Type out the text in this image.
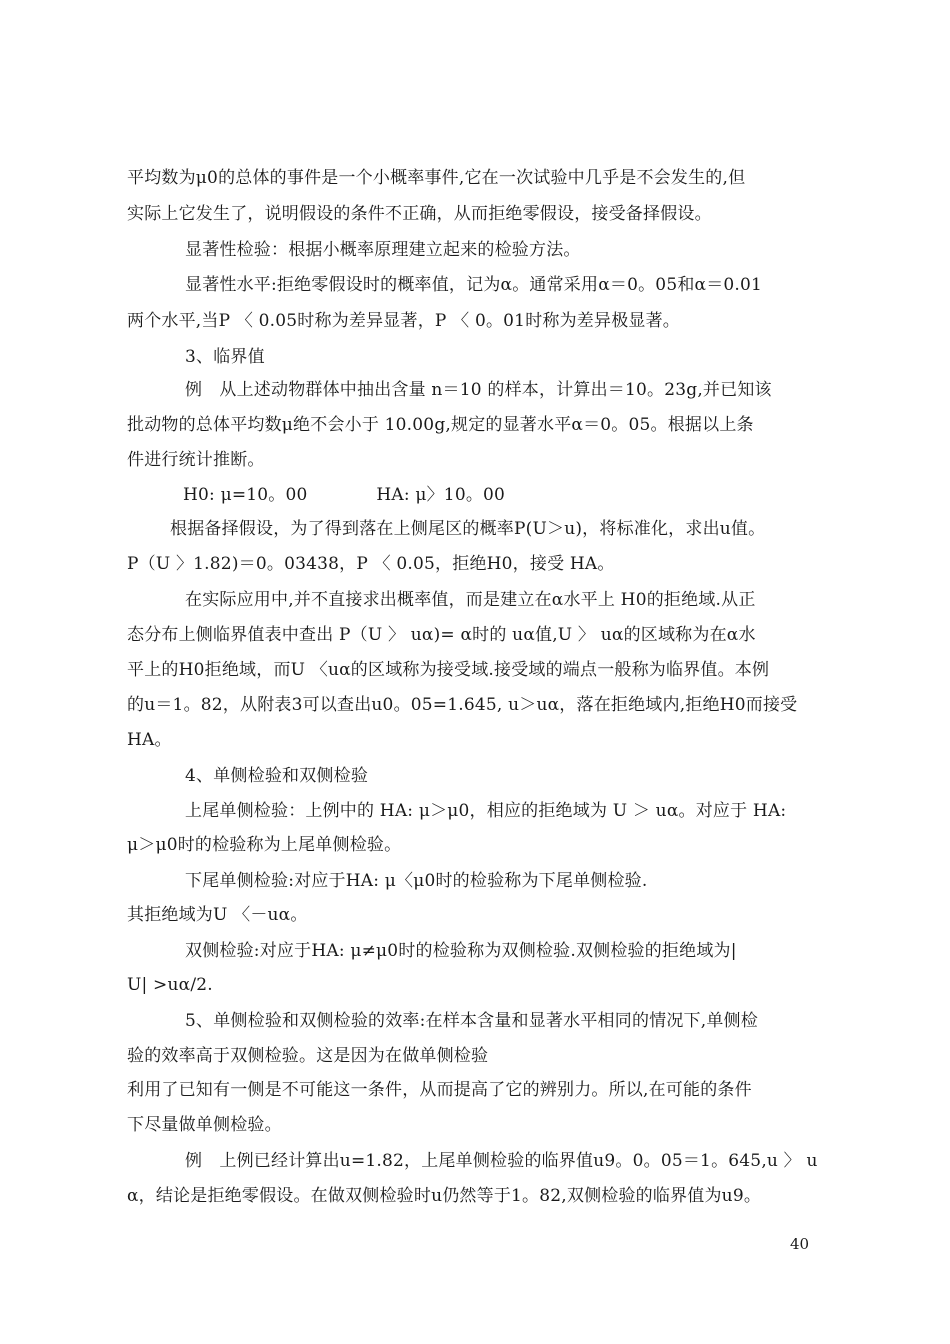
平均数为μ0的总体的事件是一个小概率事件,它在一次试验中几乎是不会发生的,但
实际上它发生了，说明假设的条件不正确，从而拒绝零假设，接受备择假设。
显著性检验：根据小概率原理建立起来的检验方法。
显著性水平:拒绝零假设时的概率值，记为α。通常采用α＝0。05和α＝0.01
两个水平,当P 〈 0.05时称为差异显著，P 〈 0。01时称为差异极显著。
3、临界值
例　从上述动物群体中抽出含量 n＝10 的样本，计算出＝10。23g,并已知该
批动物的总体平均数μ绝不会小于 10.00g,规定的显著水平α＝0。05。根据以上条
件进行统计推断。
H0: μ=10。00　　　　HA: μ〉10。00
根据备择假设，为了得到落在上侧尾区的概率P(U＞u)，将标准化，求出u值。
P（U 〉1.82)＝0。03438，P 〈 0.05，拒绝H0，接受 HA。
在实际应用中,并不直接求出概率值，而是建立在α水平上 H0的拒绝域.从正
态分布上侧临界值表中查出 P（U 〉 uα)= α时的 uα值,U 〉 uα的区域称为在α水
平上的H0拒绝域，而U 〈uα的区域称为接受域.接受域的端点一般称为临界值。本例
的u＝1。82，从附表3可以查出u0。05=1.645, u＞uα，落在拒绝域内,拒绝H0而接受
HA。
4、单侧检验和双侧检验
上尾单侧检验：上例中的 HA: μ＞μ0，相应的拒绝域为 U ＞ uα。对应于 HA:
μ＞μ0时的检验称为上尾单侧检验。
下尾单侧检验:对应于HA: μ〈μ0时的检验称为下尾单侧检验.
其拒绝域为U 〈－uα。
双侧检验:对应于HA: μ≠μ0时的检验称为双侧检验.双侧检验的拒绝域为|
U| >uα/2.
5、单侧检验和双侧检验的效率:在样本含量和显著水平相同的情况下,单侧检
验的效率高于双侧检验。这是因为在做单侧检验
利用了已知有一侧是不可能这一条件，从而提高了它的辨别力。所以,在可能的条件
下尽量做单侧检验。
例　上例已经计算出u=1.82，上尾单侧检验的临界值u9。0。05＝1。645,u 〉 u
α，结论是拒绝零假设。在做双侧检验时u仍然等于1。82,双侧检验的临界值为u9。
40
